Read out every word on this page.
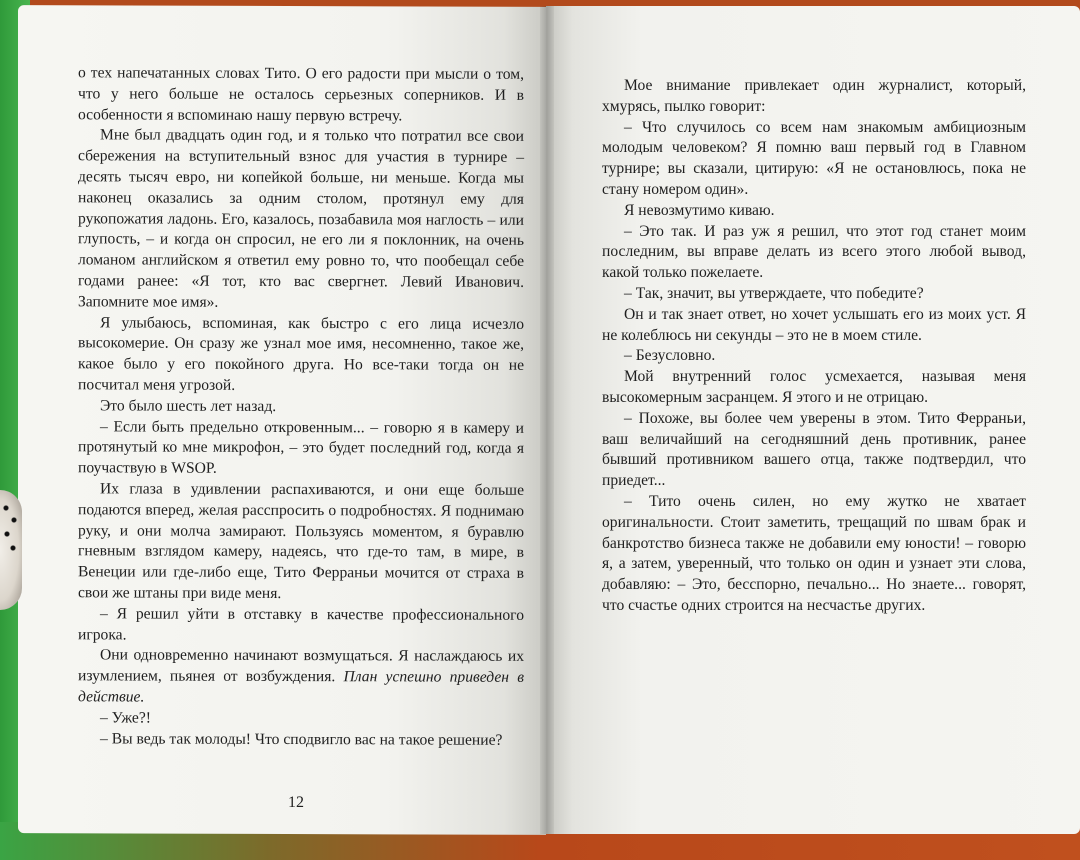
о тех напечатанных словах Тито. О его радости при мысли о том, что у него больше не осталось серьезных соперников. И в особенности я вспоминаю нашу первую встречу.

Мне был двадцать один год, и я только что потратил все свои сбережения на вступительный взнос для участия в турнире – десять тысяч евро, ни копейкой больше, ни меньше. Когда мы наконец оказались за одним столом, протянул ему для рукопожатия ладонь. Его, казалось, позабавила моя наглость – или глупость, – и когда он спросил, не его ли я поклонник, на очень ломаном английском я ответил ему ровно то, что пообещал себе годами ранее: «Я тот, кто вас свергнет. Левий Иванович. Запомните мое имя».

Я улыбаюсь, вспоминая, как быстро с его лица исчезло высокомерие. Он сразу же узнал мое имя, несомненно, такое же, какое было у его покойного друга. Но все-таки тогда он не посчитал меня угрозой.

Это было шесть лет назад.

– Если быть предельно откровенным... – говорю я в камеру и протянутый ко мне микрофон, – это будет последний год, когда я поучаствую в WSOP.

Их глаза в удивлении распахиваются, и они еще больше подаются вперед, желая расспросить о подробностях. Я поднимаю руку, и они молча замирают. Пользуясь моментом, я буравлю гневным взглядом камеру, надеясь, что где-то там, в мире, в Венеции или где-либо еще, Тито Ферраньи мочится от страха в свои же штаны при виде меня.

– Я решил уйти в отставку в качестве профессионального игрока.

Они одновременно начинают возмущаться. Я наслаждаюсь их изумлением, пьянея от возбуждения. План успешно приведен в действие.

– Уже?!

– Вы ведь так молоды! Что сподвигло вас на такое решение?

12

Мое внимание привлекает один журналист, который, хмурясь, пылко говорит:

– Что случилось со всем нам знакомым амбициозным молодым человеком? Я помню ваш первый год в Главном турнире; вы сказали, цитирую: «Я не остановлюсь, пока не стану номером один».

Я невозмутимо киваю.

– Это так. И раз уж я решил, что этот год станет моим последним, вы вправе делать из всего этого любой вывод, какой только пожелаете.

– Так, значит, вы утверждаете, что победите?

Он и так знает ответ, но хочет услышать его из моих уст. Я не колеблюсь ни секунды – это не в моем стиле.

– Безусловно.

Мой внутренний голос усмехается, называя меня высокомерным засранцем. Я этого и не отрицаю.

– Похоже, вы более чем уверены в этом. Тито Ферраньи, ваш величайший на сегодняшний день противник, ранее бывший противником вашего отца, также подтвердил, что приедет...

– Тито очень силен, но ему жутко не хватает оригинальности. Стоит заметить, трещащий по швам брак и банкротство бизнеса также не добавили ему юности! – говорю я, а затем, уверенный, что только он один и узнает эти слова, добавляю: – Это, бесспорно, печально... Но знаете... говорят, что счастье одних строится на несчастье других.
